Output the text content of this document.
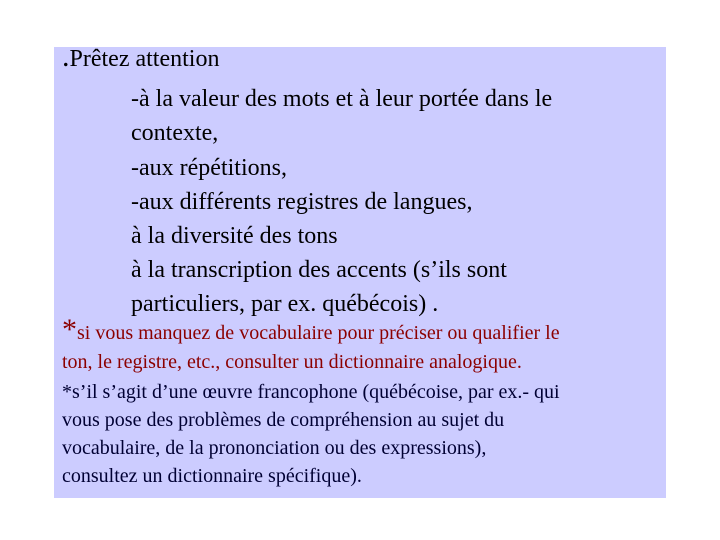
.Prêtez attention
-à la valeur des mots et à leur portée dans le
contexte,
-aux répétitions,
-aux différents registres de langues,
à la diversité des tons
à la transcription des accents (s’ils sont
particuliers, par ex. québécois) .
*si vous manquez de vocabulaire pour préciser ou qualifier le
ton, le registre, etc., consulter un dictionnaire analogique.
*s’il s’agit d’une œuvre francophone (québécoise, par ex.- qui
vous pose des problèmes de compréhension au sujet du
vocabulaire, de la prononciation ou des expressions),
consultez un dictionnaire spécifique).
